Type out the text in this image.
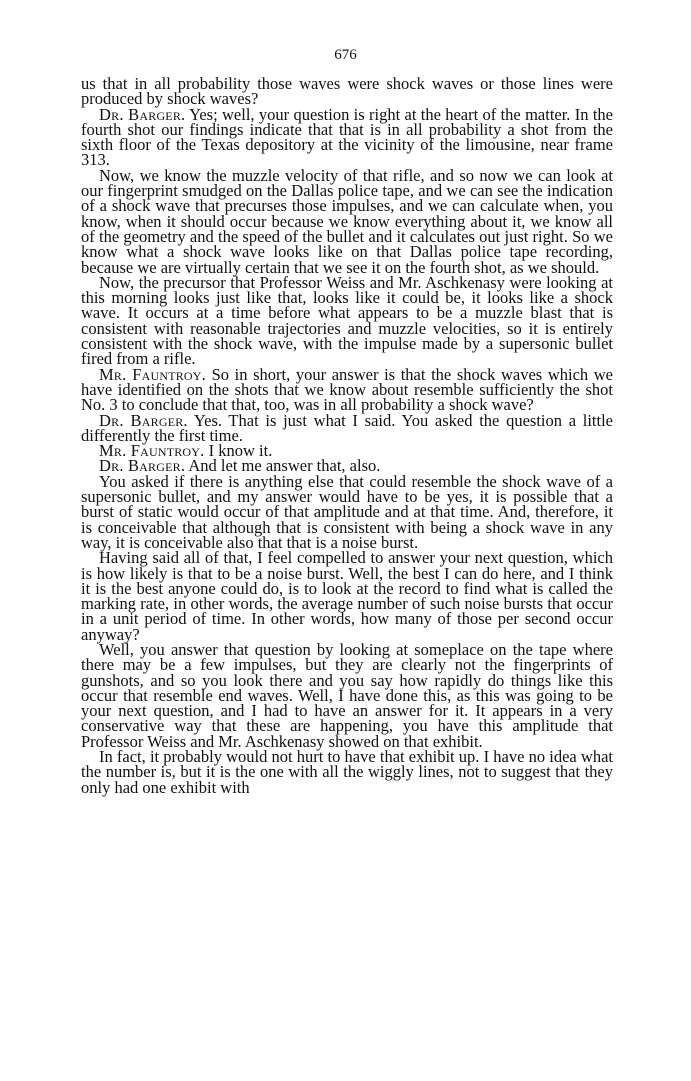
676

us that in all probability those waves were shock waves or those lines were produced by shock waves?

Dr. Barger. Yes; well, your question is right at the heart of the matter. In the fourth shot our findings indicate that that is in all probability a shot from the sixth floor of the Texas depository at the vicinity of the limousine, near frame 313.

Now, we know the muzzle velocity of that rifle, and so now we can look at our fingerprint smudged on the Dallas police tape, and we can see the indication of a shock wave that precurses those impulses, and we can calculate when, you know, when it should occur because we know everything about it, we know all of the geometry and the speed of the bullet and it calculates out just right. So we know what a shock wave looks like on that Dallas police tape recording, because we are virtually certain that we see it on the fourth shot, as we should.

Now, the precursor that Professor Weiss and Mr. Aschkenasy were looking at this morning looks just like that, looks like it could be, it looks like a shock wave. It occurs at a time before what appears to be a muzzle blast that is consistent with reasonable trajectories and muzzle velocities, so it is entirely consistent with the shock wave, with the impulse made by a supersonic bullet fired from a rifle.

Mr. Fauntroy. So in short, your answer is that the shock waves which we have identified on the shots that we know about resemble sufficiently the shot No. 3 to conclude that that, too, was in all probability a shock wave?

Dr. Barger. Yes. That is just what I said. You asked the question a little differently the first time.

Mr. Fauntroy. I know it.

Dr. Barger. And let me answer that, also.

You asked if there is anything else that could resemble the shock wave of a supersonic bullet, and my answer would have to be yes, it is possible that a burst of static would occur of that amplitude and at that time. And, therefore, it is conceivable that although that is consistent with being a shock wave in any way, it is conceivable also that that is a noise burst.

Having said all of that, I feel compelled to answer your next question, which is how likely is that to be a noise burst. Well, the best I can do here, and I think it is the best anyone could do, is to look at the record to find what is called the marking rate, in other words, the average number of such noise bursts that occur in a unit period of time. In other words, how many of those per second occur anyway?

Well, you answer that question by looking at someplace on the tape where there may be a few impulses, but they are clearly not the fingerprints of gunshots, and so you look there and you say how rapidly do things like this occur that resemble end waves. Well, I have done this, as this was going to be your next question, and I had to have an answer for it. It appears in a very conservative way that these are happening, you have this amplitude that Professor Weiss and Mr. Aschkenasy showed on that exhibit.

In fact, it probably would not hurt to have that exhibit up. I have no idea what the number is, but it is the one with all the wiggly lines, not to suggest that they only had one exhibit with
